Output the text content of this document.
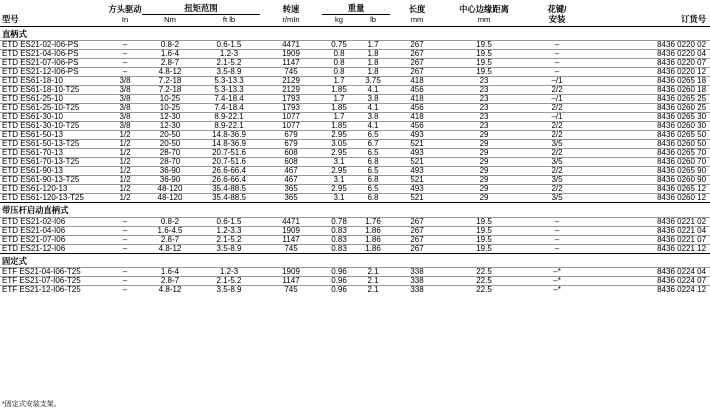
	方头驱动	扭矩范围		转速	重量		长度	中心边缘距离	花键/	
型号	In	Nm	ft lb	r/mIn	kg	lb	mm	mm	安装	订货号
直柄式										
ETD ES21-02-I06-PS	–	0.8-2	0.6-1.5	4471	0.75	1.7	267	19.5	–	8436 0220 02
ETD ES21-04-I06-PS	–	1.6-4	1.2-3	1909	0.8	1.8	267	19.5	–	8436 0220 04
ETD ES21-07-I06-PS	–	2.8-7	2.1-5.2	1147	0.8	1.8	267	19.5	–	8436 0220 07
ETD ES21-12-I06-PS	–	4.8-12	3.5-8.9	745	0.8	1.8	267	19.5	–	8436 0220 12
ETD ES61-18-10	3/8	7.2-18	5.3-13.3	2129	1.7	3.75	418	23	–/1	8436 0265 18
ETD ES61-18-10-T25	3/8	7.2-18	5.3-13.3	2129	1.85	4.1	456	23	2/2	8436 0260 18
ETD ES61-25-10	3/8	10-25	7.4-18.4	1793	1.7	3.8	418	23	–/1	8436 0265 25
ETD ES61-25-10-T25	3/8	10-25	7.4-18.4	1793	1.85	4.1	456	23	2/2	8436 0260 25
ETD ES61-30-10	3/8	12-30	8.9-22.1	1077	1.7	3.8	418	23	–/1	8436 0265 30
ETD ES61-30-10-T25	3/8	12-30	8.9-22.1	1077	1.85	4.1	456	23	2/2	8436 0260 30
ETD ES61-50-13	1/2	20-50	14.8-36.9	679	2.95	6.5	493	29	2/2	8436 0265 50
ETD ES61-50-13-T25	1/2	20-50	14.8-36.9	679	3.05	6.7	521	29	3/5	8436 0260 50
ETD ES61-70-13	1/2	28-70	20.7-51.6	608	2.95	6.5	493	29	2/2	8436 0265 70
ETD ES61-70-13-T25	1/2	28-70	20.7-51.6	608	3.1	6.8	521	29	3/5	8436 0260 70
ETD ES61-90-13	1/2	36-90	26.6-66.4	467	2.95	6.5	493	29	2/2	8436 0265 90
ETD ES61-90-13-T25	1/2	36-90	26.6-66.4	467	3.1	6.8	521	29	3/5	8436 0260 90
ETD ES61-120-13	1/2	48-120	35.4-88.5	365	2.95	6.5	493	29	2/2	8436 0265 12
ETD ES61-120-13-T25	1/2	48-120	35.4-88.5	365	3.1	6.8	521	29	3/5	8436 0260 12
带压杆启动直柄式										
ETD ES21-02-I06	–	0.8-2	0.6-1.5	4471	0.78	1.76	267	19.5	–	8436 0221 02
ETD ES21-04-I06	–	1.6-4.5	1.2-3.3	1909	0.83	1.86	267	19.5	–	8436 0221 04
ETD ES21-07-I06	–	2.8-7	2.1-5.2	1147	0.83	1.86	267	19.5	–	8436 0221 07
ETD ES21-12-I06	–	4.8-12	3.5-8.9	745	0.83	1.86	267	19.5	–	8436 0221 12
固定式										
ETF ES21-04-I06-T25	–	1.6-4	1.2-3	1909	0.96	2.1	338	22.5	–*	8436 0224 04
ETF ES21-07-I06-T25	–	2.8-7	2.1-5.2	1147	0.96	2.1	338	22.5	–*	8436 0224 07
ETF ES21-12-I06-T25	–	4.8-12	3.5-8.9	745	0.96	2.1	338	22.5	–*	8436 0224 12
*固定式安装支架。
